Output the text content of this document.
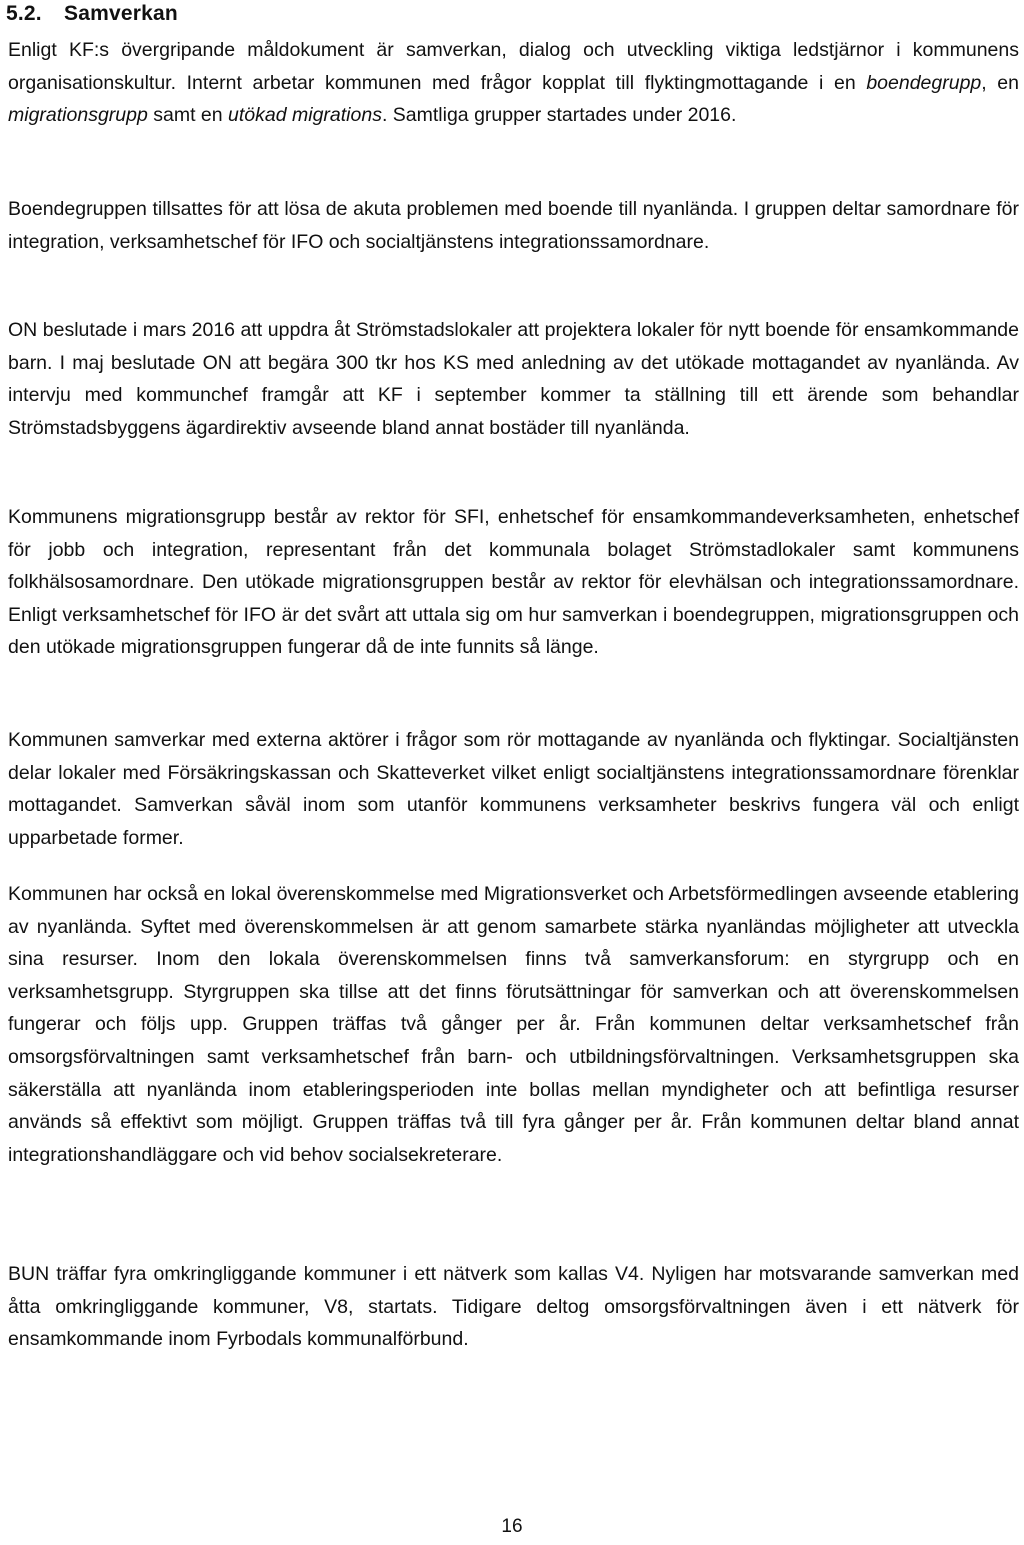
5.2. Samverkan

Enligt KF:s övergripande måldokument är samverkan, dialog och utveckling viktiga ledstjärnor i kommunens organisationskultur. Internt arbetar kommunen med frågor kopplat till flyktingmottagande i en boendegrupp, en migrationsgrupp samt en utökad migrations. Samtliga grupper startades under 2016.

Boendegruppen tillsattes för att lösa de akuta problemen med boende till nyanlända. I gruppen deltar samordnare för integration, verksamhetschef för IFO och socialtjänstens integrationssamordnare.

ON beslutade i mars 2016 att uppdra åt Strömstadslokaler att projektera lokaler för nytt boende för ensamkommande barn. I maj beslutade ON att begära 300 tkr hos KS med anledning av det utökade mottagandet av nyanlända. Av intervju med kommunchef framgår att KF i september kommer ta ställning till ett ärende som behandlar Strömstadsbyggens ägardirektiv avseende bland annat bostäder till nyanlända.

Kommunens migrationsgrupp består av rektor för SFI, enhetschef för ensamkommandeverksamheten, enhetschef för jobb och integration, representant från det kommunala bolaget Strömstadlokaler samt kommunens folkhälsosamordnare. Den utökade migrationsgruppen består av rektor för elevhälsan och integrationssamordnare. Enligt verksamhetschef för IFO är det svårt att uttala sig om hur samverkan i boendegruppen, migrationsgruppen och den utökade migrationsgruppen fungerar då de inte funnits så länge.

Kommunen samverkar med externa aktörer i frågor som rör mottagande av nyanlända och flyktingar. Socialtjänsten delar lokaler med Försäkringskassan och Skatteverket vilket enligt socialtjänstens integrationssamordnare förenklar mottagandet. Samverkan såväl inom som utanför kommunens verksamheter beskrivs fungera väl och enligt upparbetade former.

Kommunen har också en lokal överenskommelse med Migrationsverket och Arbetsförmedlingen avseende etablering av nyanlända. Syftet med överenskommelsen är att genom samarbete stärka nyanländas möjligheter att utveckla sina resurser. Inom den lokala överenskommelsen finns två samverkansforum: en styrgrupp och en verksamhetsgrupp. Styrgruppen ska tillse att det finns förutsättningar för samverkan och att överenskommelsen fungerar och följs upp. Gruppen träffas två gånger per år. Från kommunen deltar verksamhetschef från omsorgsförvaltningen samt verksamhetschef från barn- och utbildningsförvaltningen. Verksamhetsgruppen ska säkerställa att nyanlända inom etableringsperioden inte bollas mellan myndigheter och att befintliga resurser används så effektivt som möjligt. Gruppen träffas två till fyra gånger per år. Från kommunen deltar bland annat integrationshandläggare och vid behov socialsekreterare.

BUN träffar fyra omkringliggande kommuner i ett nätverk som kallas V4. Nyligen har motsvarande samverkan med åtta omkringliggande kommuner, V8, startats. Tidigare deltog omsorgsförvaltningen även i ett nätverk för ensamkommande inom Fyrbodals kommunalförbund.

16
